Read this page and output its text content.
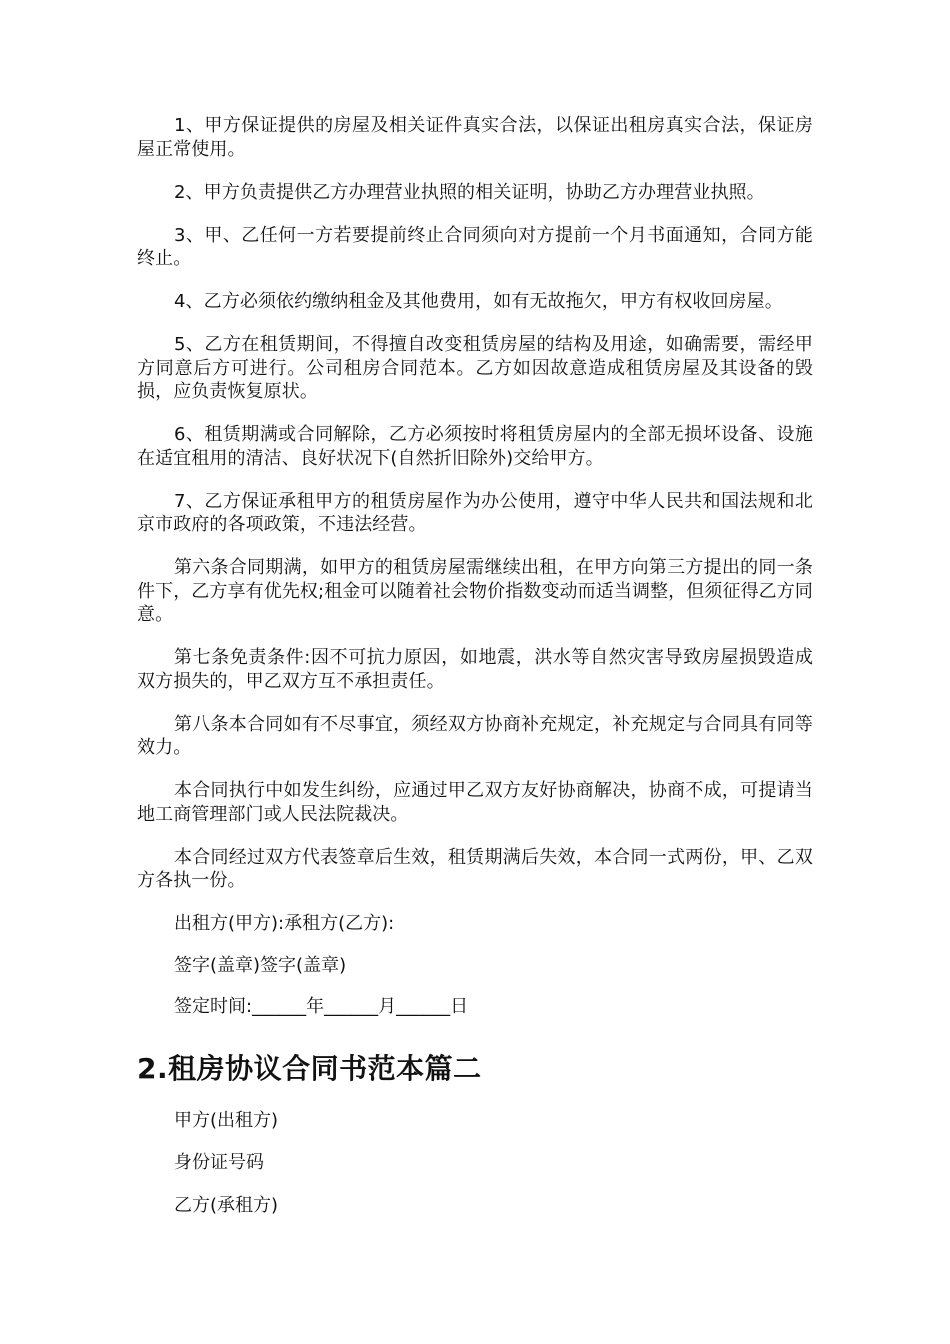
1、甲方保证提供的房屋及相关证件真实合法，以保证出租房真实合法，保证房屋正常使用。

2、甲方负责提供乙方办理营业执照的相关证明，协助乙方办理营业执照。

3、甲、乙任何一方若要提前终止合同须向对方提前一个月书面通知，合同方能终止。

4、乙方必须依约缴纳租金及其他费用，如有无故拖欠，甲方有权收回房屋。

5、乙方在租赁期间，不得擅自改变租赁房屋的结构及用途，如确需要，需经甲方同意后方可进行。公司租房合同范本。乙方如因故意造成租赁房屋及其设备的毁损，应负责恢复原状。

6、租赁期满或合同解除，乙方必须按时将租赁房屋内的全部无损坏设备、设施在适宜租用的清洁、良好状况下(自然折旧除外)交给甲方。

7、乙方保证承租甲方的租赁房屋作为办公使用，遵守中华人民共和国法规和北京市政府的各项政策，不违法经营。

第六条合同期满，如甲方的租赁房屋需继续出租，在甲方向第三方提出的同一条件下，乙方享有优先权;租金可以随着社会物价指数变动而适当调整，但须征得乙方同意。

第七条免责条件:因不可抗力原因，如地震，洪水等自然灾害导致房屋损毁造成双方损失的，甲乙双方互不承担责任。

第八条本合同如有不尽事宜，须经双方协商补充规定，补充规定与合同具有同等效力。

本合同执行中如发生纠纷，应通过甲乙双方友好协商解决，协商不成，可提请当地工商管理部门或人民法院裁决。

本合同经过双方代表签章后生效，租赁期满后失效，本合同一式两份，甲、乙双方各执一份。

出租方(甲方):承租方(乙方):

签字(盖章)签字(盖章)

签定时间:______年______月______日

2.租房协议合同书范本篇二

甲方(出租方)

身份证号码

乙方(承租方)
